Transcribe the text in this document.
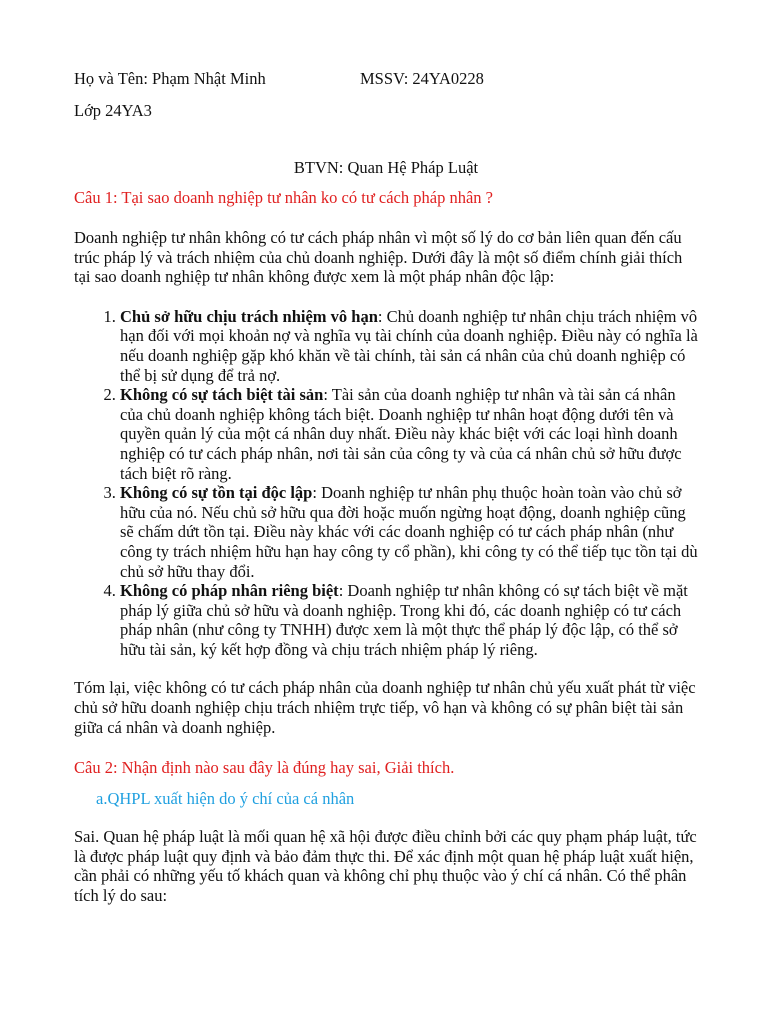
Họ và Tên: Phạm Nhật Minh	MSSV: 24YA0228
Lớp 24YA3
BTVN: Quan Hệ Pháp Luật
Câu 1: Tại sao doanh nghiệp tư nhân ko có tư cách pháp nhân ?

Doanh nghiệp tư nhân không có tư cách pháp nhân vì một số lý do cơ bản liên quan đến cấu trúc pháp lý và trách nhiệm của chủ doanh nghiệp. Dưới đây là một số điểm chính giải thích tại sao doanh nghiệp tư nhân không được xem là một pháp nhân độc lập:

1. Chủ sở hữu chịu trách nhiệm vô hạn: Chủ doanh nghiệp tư nhân chịu trách nhiệm vô hạn đối với mọi khoản nợ và nghĩa vụ tài chính của doanh nghiệp. Điều này có nghĩa là nếu doanh nghiệp gặp khó khăn về tài chính, tài sản cá nhân của chủ doanh nghiệp có thể bị sử dụng để trả nợ.
2. Không có sự tách biệt tài sản: Tài sản của doanh nghiệp tư nhân và tài sản cá nhân của chủ doanh nghiệp không tách biệt. Doanh nghiệp tư nhân hoạt động dưới tên và quyền quản lý của một cá nhân duy nhất. Điều này khác biệt với các loại hình doanh nghiệp có tư cách pháp nhân, nơi tài sản của công ty và của cá nhân chủ sở hữu được tách biệt rõ ràng.
3. Không có sự tồn tại độc lập: Doanh nghiệp tư nhân phụ thuộc hoàn toàn vào chủ sở hữu của nó. Nếu chủ sở hữu qua đời hoặc muốn ngừng hoạt động, doanh nghiệp cũng sẽ chấm dứt tồn tại. Điều này khác với các doanh nghiệp có tư cách pháp nhân (như công ty trách nhiệm hữu hạn hay công ty cổ phần), khi công ty có thể tiếp tục tồn tại dù chủ sở hữu thay đổi.
4. Không có pháp nhân riêng biệt: Doanh nghiệp tư nhân không có sự tách biệt về mặt pháp lý giữa chủ sở hữu và doanh nghiệp. Trong khi đó, các doanh nghiệp có tư cách pháp nhân (như công ty TNHH) được xem là một thực thể pháp lý độc lập, có thể sở hữu tài sản, ký kết hợp đồng và chịu trách nhiệm pháp lý riêng.

Tóm lại, việc không có tư cách pháp nhân của doanh nghiệp tư nhân chủ yếu xuất phát từ việc chủ sở hữu doanh nghiệp chịu trách nhiệm trực tiếp, vô hạn và không có sự phân biệt tài sản giữa cá nhân và doanh nghiệp.

Câu 2: Nhận định nào sau đây là đúng hay sai, Giải thích.
a.QHPL xuất hiện do ý chí của cá nhân

Sai. Quan hệ pháp luật là mối quan hệ xã hội được điều chỉnh bởi các quy phạm pháp luật, tức là được pháp luật quy định và bảo đảm thực thi. Để xác định một quan hệ pháp luật xuất hiện, cần phải có những yếu tố khách quan và không chỉ phụ thuộc vào ý chí cá nhân. Có thể phân tích lý do sau:
